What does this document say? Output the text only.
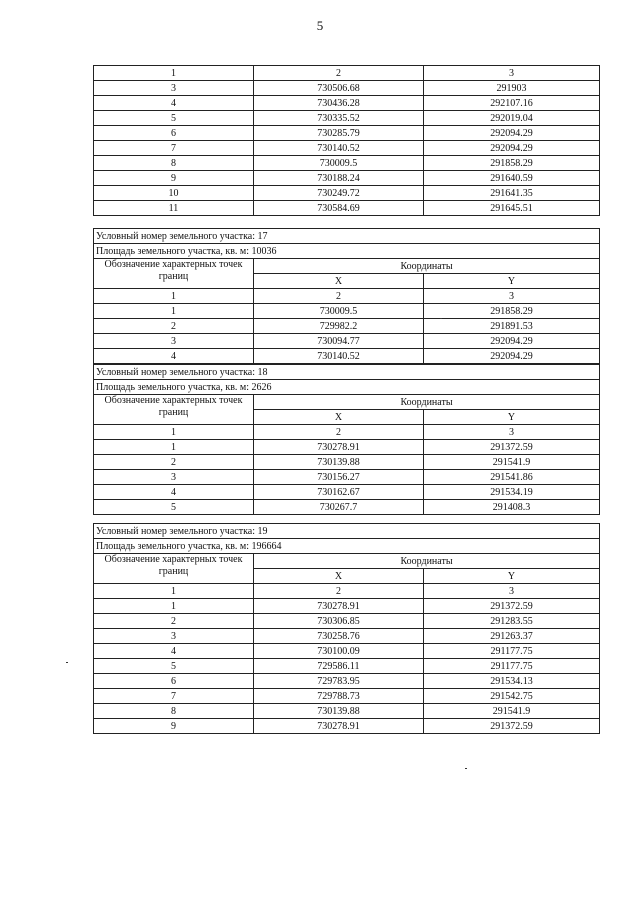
5
1	2	3
3	730506.68	291903
4	730436.28	292107.16
5	730335.52	292019.04
6	730285.79	292094.29
7	730140.52	292094.29
8	730009.5	291858.29
9	730188.24	291640.59
10	730249.72	291641.35
11	730584.69	291645.51
Условный номер земельного участка: 17		
Площадь земельного участка, кв. м: 10036		
Обозначение характерных точек границ	Координаты	
	X	Y
1	2	3
1	730009.5	291858.29
2	729982.2	291891.53
3	730094.77	292094.29
4	730140.52	292094.29
Условный номер земельного участка: 18		
Площадь земельного участка, кв. м: 2626		
Обозначение характерных точек границ	Координаты	
	X	Y
1	2	3
1	730278.91	291372.59
2	730139.88	291541.9
3	730156.27	291541.86
4	730162.67	291534.19
5	730267.7	291408.3
Условный номер земельного участка: 19		
Площадь земельного участка, кв. м: 196664		
Обозначение характерных точек границ	Координаты	
	X	Y
1	2	3
1	730278.91	291372.59
2	730306.85	291283.55
3	730258.76	291263.37
4	730100.09	291177.75
5	729586.11	291177.75
6	729783.95	291534.13
7	729788.73	291542.75
8	730139.88	291541.9
9	730278.91	291372.59
